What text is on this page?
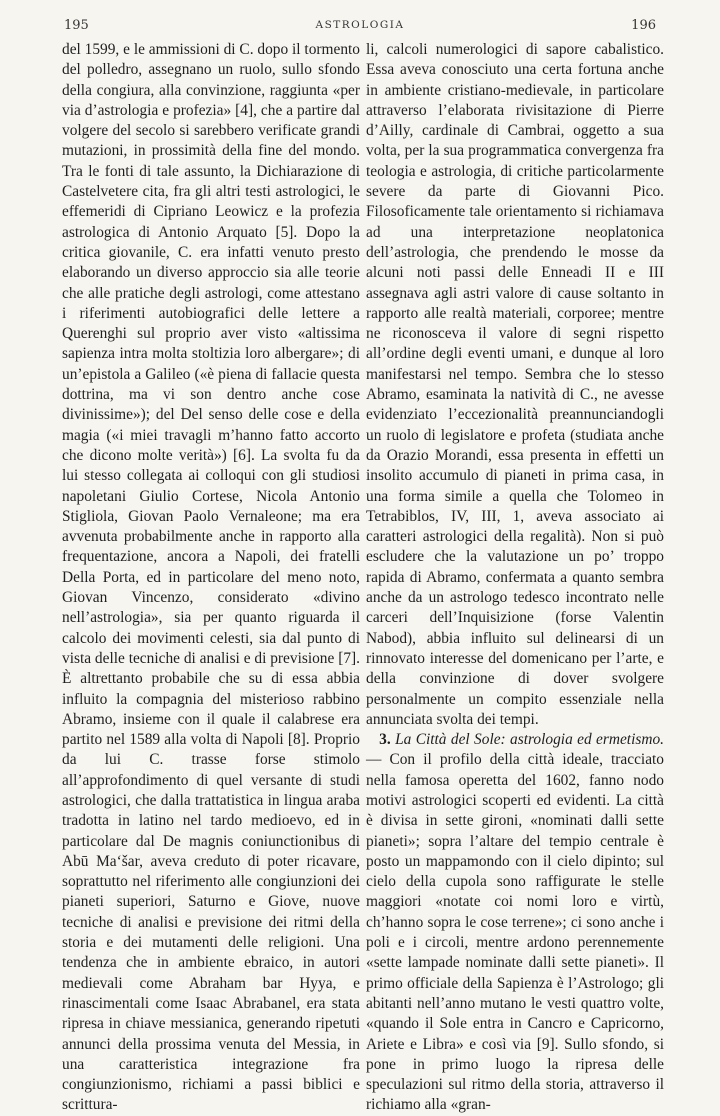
195	ASTROLOGIA	196

del 1599, e le ammissioni di C. dopo il tormento del polledro, assegnano un ruolo, sullo sfondo della congiura, alla convinzione, raggiunta «per via d’astrologia e profezia» [4], che a partire dal volgere del secolo si sarebbero verificate grandi mutazioni, in prossimità della fine del mondo. Tra le fonti di tale assunto, la Dichiarazione di Castelvetere cita, fra gli altri testi astrologici, le effemeridi di Cipriano Leowicz e la profezia astrologica di Antonio Arquato [5]. Dopo la critica giovanile, C. era infatti venuto presto elaborando un diverso approccio sia alle teorie che alle pratiche degli astrologi, come attestano i riferimenti autobiografici delle lettere a Querenghi sul proprio aver visto «altissima sapienza intra molta stoltizia loro albergare»; di un’epistola a Galileo («è piena di fallacie questa dottrina, ma vi son dentro anche cose divinissime»); del Del senso delle cose e della magia («i miei travagli m’hanno fatto accorto che dicono molte verità») [6]. La svolta fu da lui stesso collegata ai colloqui con gli studiosi napoletani Giulio Cortese, Nicola Antonio Stigliola, Giovan Paolo Vernaleone; ma era avvenuta probabilmente anche in rapporto alla frequentazione, ancora a Napoli, dei fratelli Della Porta, ed in particolare del meno noto, Giovan Vincenzo, considerato «divino nell’astrologia», sia per quanto riguarda il calcolo dei movimenti celesti, sia dal punto di vista delle tecniche di analisi e di previsione [7]. È altrettanto probabile che su di essa abbia influito la compagnia del misterioso rabbino Abramo, insieme con il quale il calabrese era partito nel 1589 alla volta di Napoli [8]. Proprio da lui C. trasse forse stimolo all’approfondimento di quel versante di studi astrologici, che dalla trattatistica in lingua araba tradotta in latino nel tardo medioevo, ed in particolare dal De magnis coniunctionibus di Abū Ma‘šar, aveva creduto di poter ricavare, soprattutto nel riferimento alle congiunzioni dei pianeti superiori, Saturno e Giove, nuove tecniche di analisi e previsione dei ritmi della storia e dei mutamenti delle religioni. Una tendenza che in ambiente ebraico, in autori medievali come Abraham bar Hyya, e rinascimentali come Isaac Abrabanel, era stata ripresa in chiave messianica, generando ripetuti annunci della prossima venuta del Messia, in una caratteristica integrazione fra congiunzionismo, richiami a passi biblici e scrittura-

li, calcoli numerologici di sapore cabalistico. Essa aveva conosciuto una certa fortuna anche in ambiente cristiano-medievale, in particolare attraverso l’elaborata rivisitazione di Pierre d’Ailly, cardinale di Cambrai, oggetto a sua volta, per la sua programmatica convergenza fra teologia e astrologia, di critiche particolarmente severe da parte di Giovanni Pico. Filosoficamente tale orientamento si richiamava ad una interpretazione neoplatonica dell’astrologia, che prendendo le mosse da alcuni noti passi delle Enneadi II e III assegnava agli astri valore di cause soltanto in rapporto alle realtà materiali, corporee; mentre ne riconosceva il valore di segni rispetto all’ordine degli eventi umani, e dunque al loro manifestarsi nel tempo. Sembra che lo stesso Abramo, esaminata la natività di C., ne avesse evidenziato l’eccezionalità preannunciandogli un ruolo di legislatore e profeta (studiata anche da Orazio Morandi, essa presenta in effetti un insolito accumulo di pianeti in prima casa, in una forma simile a quella che Tolomeo in Tetrabiblos, IV, III, 1, aveva associato ai caratteri astrologici della regalità). Non si può escludere che la valutazione un po’ troppo rapida di Abramo, confermata a quanto sembra anche da un astrologo tedesco incontrato nelle carceri dell’Inquisizione (forse Valentin Nabod), abbia influito sul delinearsi di un rinnovato interesse del domenicano per l’arte, e della convinzione di dover svolgere personalmente un compito essenziale nella annunciata svolta dei tempi.

3. La Città del Sole: astrologia ed ermetismo. — Con il profilo della città ideale, tracciato nella famosa operetta del 1602, fanno nodo motivi astrologici scoperti ed evidenti. La città è divisa in sette gironi, «nominati dalli sette pianeti»; sopra l’altare del tempio centrale è posto un mappamondo con il cielo dipinto; sul cielo della cupola sono raffigurate le stelle maggiori «notate coi nomi loro e virtù, ch’hanno sopra le cose terrene»; ci sono anche i poli e i circoli, mentre ardono perennemente «sette lampade nominate dalli sette pianeti». Il primo officiale della Sapienza è l’Astrologo; gli abitanti nell’anno mutano le vesti quattro volte, «quando il Sole entra in Cancro e Capricorno, Ariete e Libra» e così via [9]. Sullo sfondo, si pone in primo luogo la ripresa delle speculazioni sul ritmo della storia, attraverso il richiamo alla «gran-
